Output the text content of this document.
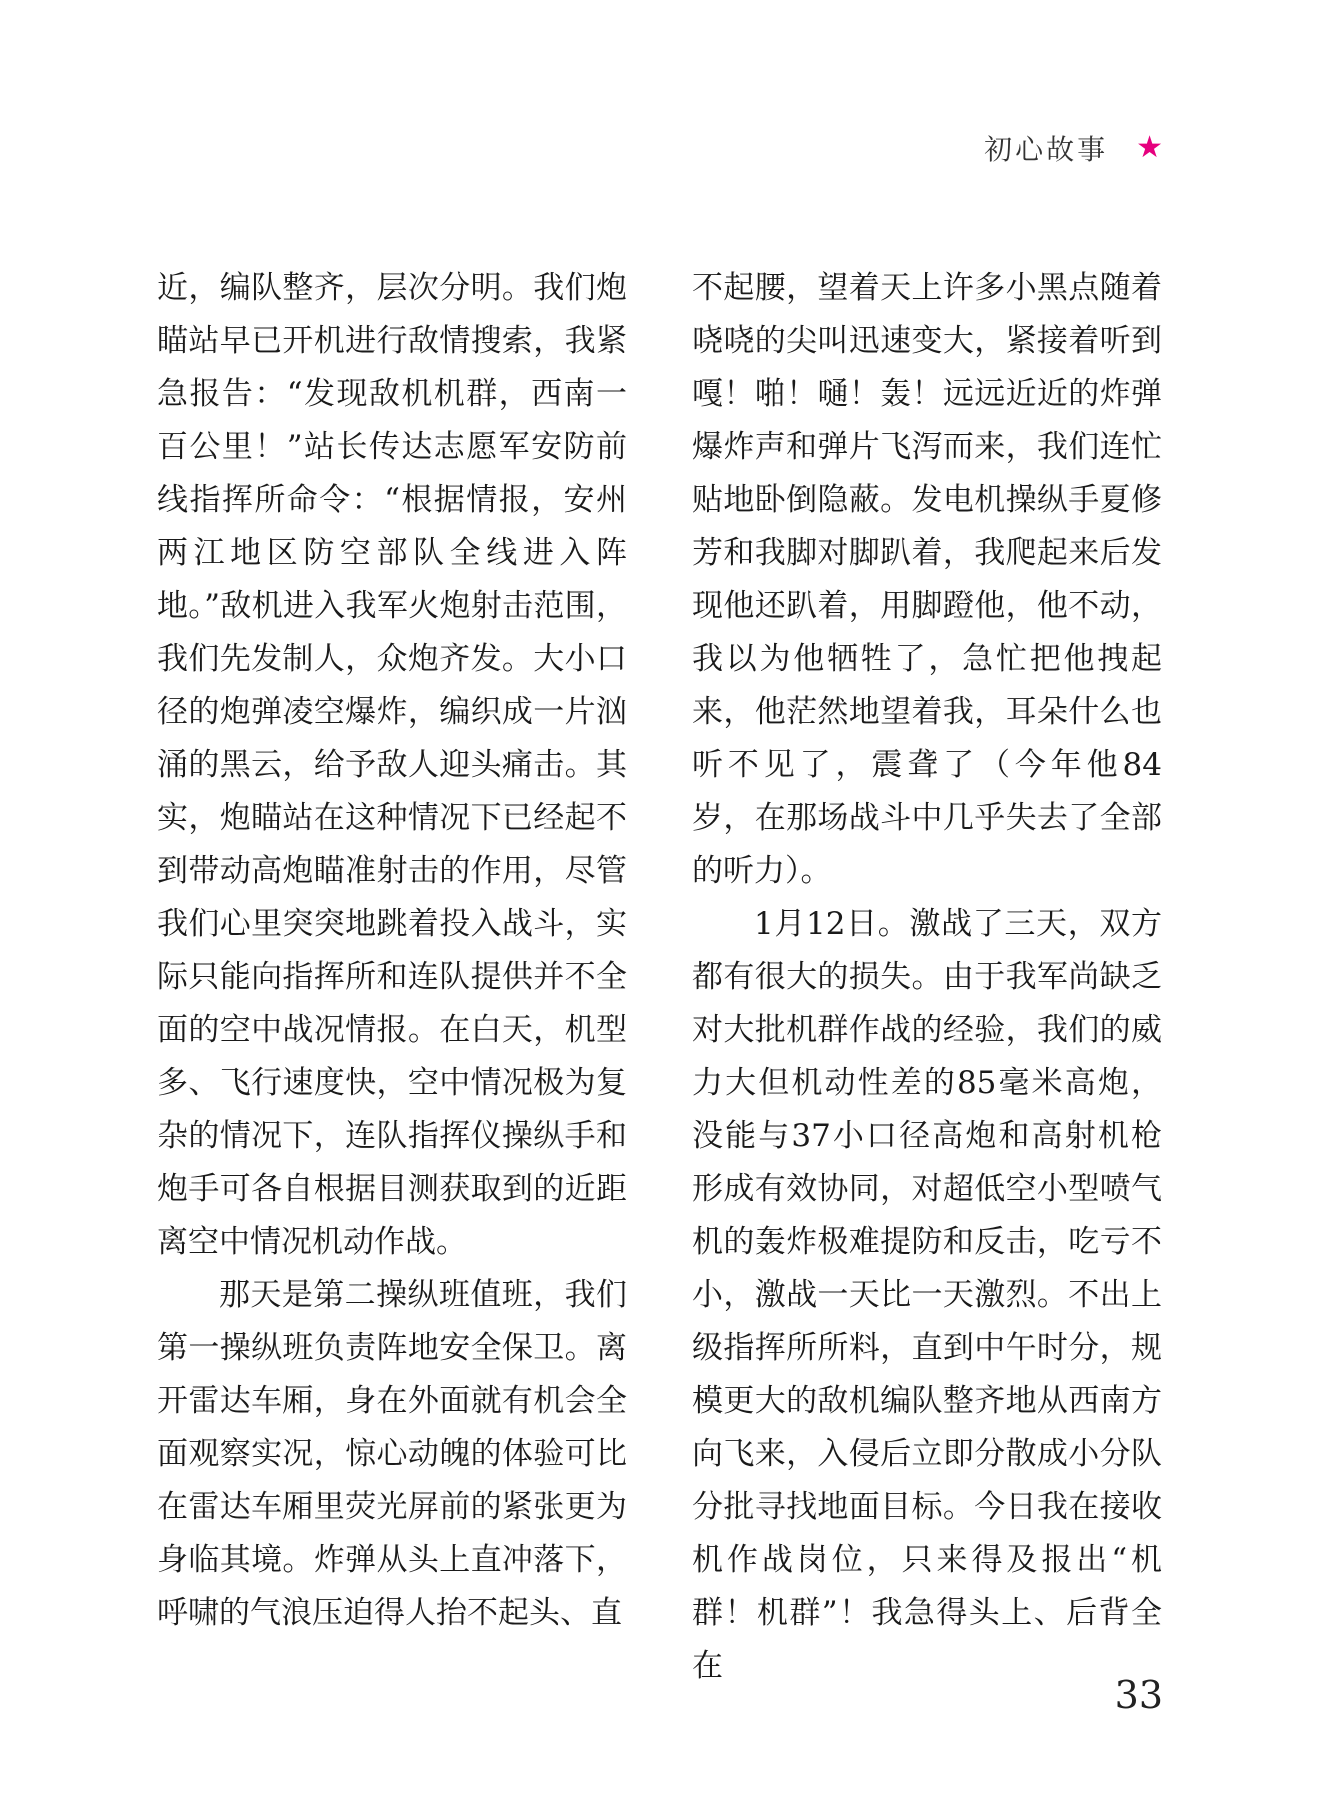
初心故事 ★

近，编队整齐，层次分明。我们炮瞄站早已开机进行敌情搜索，我紧急报告：“发现敌机机群，西南一百公里！”站长传达志愿军安防前线指挥所命令：“根据情报，安州两江地区防空部队全线进入阵地。”敌机进入我军火炮射击范围，我们先发制人，众炮齐发。大小口径的炮弹凌空爆炸，编织成一片汹涌的黑云，给予敌人迎头痛击。其实，炮瞄站在这种情况下已经起不到带动高炮瞄准射击的作用，尽管我们心里突突地跳着投入战斗，实际只能向指挥所和连队提供并不全面的空中战况情报。在白天，机型多、飞行速度快，空中情况极为复杂的情况下，连队指挥仪操纵手和炮手可各自根据目测获取到的近距离空中情况机动作战。

那天是第二操纵班值班，我们第一操纵班负责阵地安全保卫。离开雷达车厢，身在外面就有机会全面观察实况，惊心动魄的体验可比在雷达车厢里荧光屏前的紧张更为身临其境。炸弹从头上直冲落下，呼啸的气浪压迫得人抬不起头、直

不起腰，望着天上许多小黑点随着哓哓的尖叫迅速变大，紧接着听到嘎！啪！嗵！轰！远远近近的炸弹爆炸声和弹片飞泻而来，我们连忙贴地卧倒隐蔽。发电机操纵手夏修芳和我脚对脚趴着，我爬起来后发现他还趴着，用脚蹬他，他不动，我以为他牺牲了，急忙把他拽起来，他茫然地望着我，耳朵什么也听不见了，震聋了（今年他84岁，在那场战斗中几乎失去了全部的听力）。

1月12日。激战了三天，双方都有很大的损失。由于我军尚缺乏对大批机群作战的经验，我们的威力大但机动性差的85毫米高炮，没能与37小口径高炮和高射机枪形成有效协同，对超低空小型喷气机的轰炸极难提防和反击，吃亏不小，激战一天比一天激烈。不出上级指挥所所料，直到中午时分，规模更大的敌机编队整齐地从西南方向飞来，入侵后立即分散成小分队分批寻找地面目标。今日我在接收机作战岗位，只来得及报出“机群！机群”！我急得头上、后背全在

33
